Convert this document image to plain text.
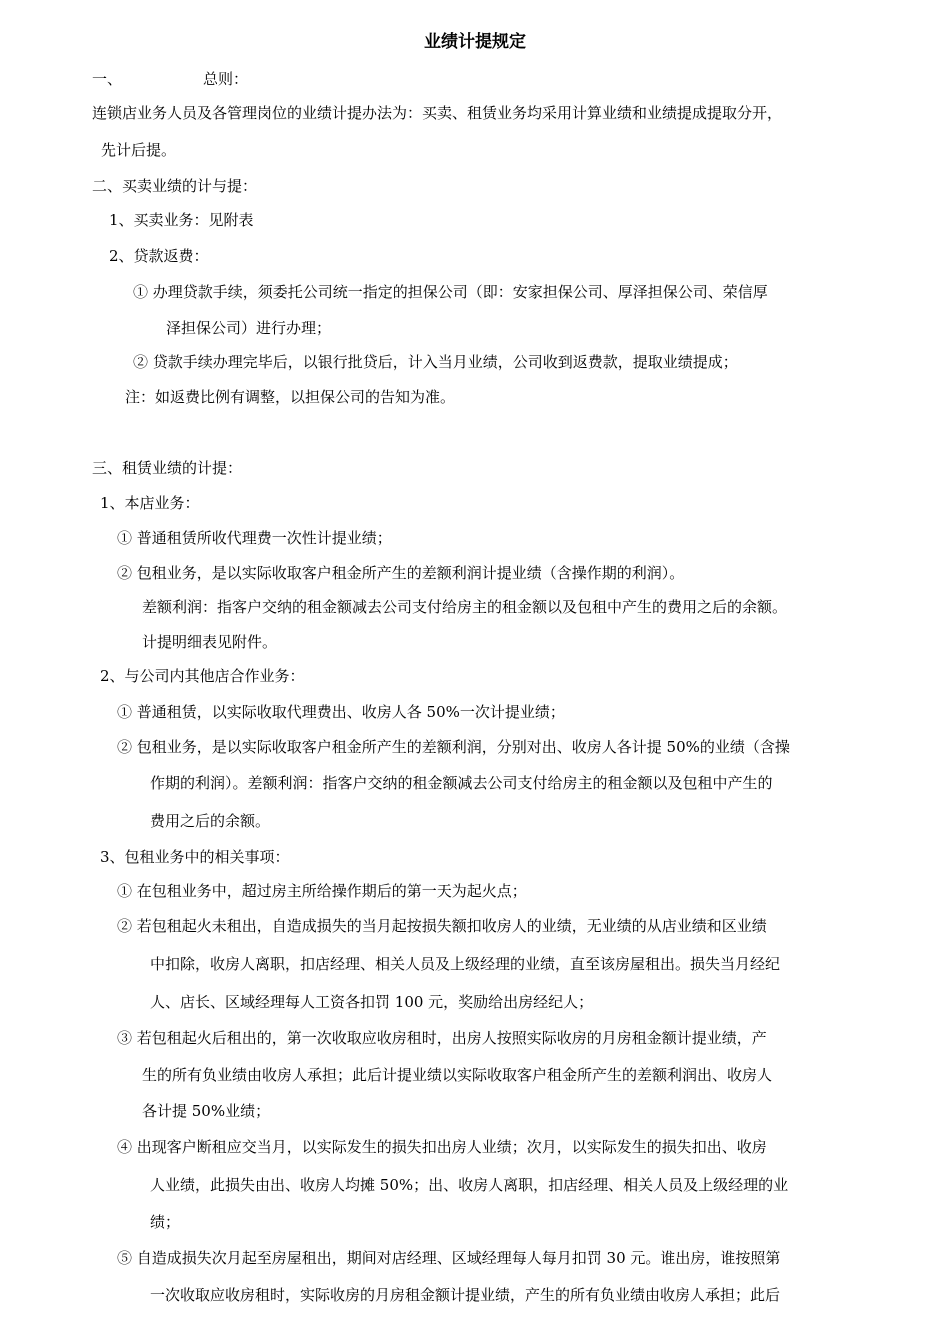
业绩计提规定
一、	总则：
连锁店业务人员及各管理岗位的业绩计提办法为：买卖、租赁业务均采用计算业绩和业绩提成提取分开，
先计后提。
二、买卖业绩的计与提：
1、买卖业务：见附表
2、贷款返费：
① 办理贷款手续，须委托公司统一指定的担保公司（即：安家担保公司、厚泽担保公司、荣信厚
泽担保公司）进行办理；
② 贷款手续办理完毕后，以银行批贷后，计入当月业绩，公司收到返费款，提取业绩提成；
注：如返费比例有调整，以担保公司的告知为准。
三、租赁业绩的计提：
1、本店业务：
① 普通租赁所收代理费一次性计提业绩；
② 包租业务，是以实际收取客户租金所产生的差额利润计提业绩（含操作期的利润）。
差额利润：指客户交纳的租金额减去公司支付给房主的租金额以及包租中产生的费用之后的余额。
计提明细表见附件。
2、与公司内其他店合作业务：
① 普通租赁，以实际收取代理费出、收房人各 50%一次计提业绩；
② 包租业务，是以实际收取客户租金所产生的差额利润，分别对出、收房人各计提 50%的业绩（含操
作期的利润）。差额利润：指客户交纳的租金额减去公司支付给房主的租金额以及包租中产生的
费用之后的余额。
3、包租业务中的相关事项：
① 在包租业务中，超过房主所给操作期后的第一天为起火点；
② 若包租起火未租出，自造成损失的当月起按损失额扣收房人的业绩，无业绩的从店业绩和区业绩
中扣除，收房人离职，扣店经理、相关人员及上级经理的业绩，直至该房屋租出。损失当月经纪
人、店长、区域经理每人工资各扣罚 100 元，奖励给出房经纪人；
③ 若包租起火后租出的，第一次收取应收房租时，出房人按照实际收房的月房租金额计提业绩，产
生的所有负业绩由收房人承担；此后计提业绩以实际收取客户租金所产生的差额利润出、收房人
各计提 50%业绩；
④ 出现客户断租应交当月，以实际发生的损失扣出房人业绩；次月，以实际发生的损失扣出、收房
人业绩，此损失由出、收房人均摊 50%；出、收房人离职，扣店经理、相关人员及上级经理的业
绩；
⑤ 自造成损失次月起至房屋租出，期间对店经理、区域经理每人每月扣罚 30 元。谁出房，谁按照第
一次收取应收房租时，实际收房的月房租金额计提业绩，产生的所有负业绩由收房人承担；此后
